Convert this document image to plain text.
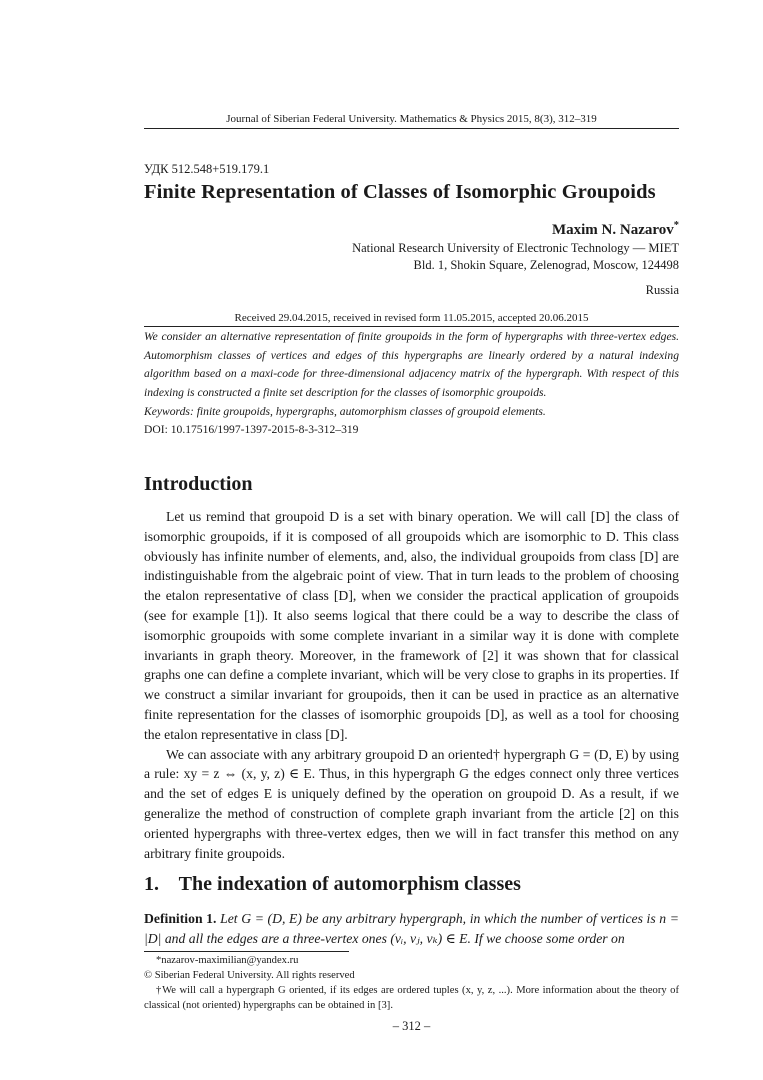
Journal of Siberian Federal University. Mathematics & Physics 2015, 8(3), 312–319
УДК 512.548+519.179.1
Finite Representation of Classes of Isomorphic Groupoids
Maxim N. Nazarov*
National Research University of Electronic Technology — MIET
Bld. 1, Shokin Square, Zelenograd, Moscow, 124498
Russia
Received 29.04.2015, received in revised form 11.05.2015, accepted 20.06.2015
We consider an alternative representation of finite groupoids in the form of hypergraphs with three-vertex edges. Automorphism classes of vertices and edges of this hypergraphs are linearly ordered by a natural indexing algorithm based on a maxi-code for three-dimensional adjacency matrix of the hypergraph. With respect of this indexing is constructed a finite set description for the classes of isomorphic groupoids.
Keywords: finite groupoids, hypergraphs, automorphism classes of groupoid elements.
DOI: 10.17516/1997-1397-2015-8-3-312–319
Introduction

Let us remind that groupoid D is a set with binary operation. We will call [D] the class of isomorphic groupoids, if it is composed of all groupoids which are isomorphic to D. This class obviously has infinite number of elements, and, also, the individual groupoids from class [D] are indistinguishable from the algebraic point of view. That in turn leads to the problem of choosing the etalon representative of class [D], when we consider the practical application of groupoids (see for example [1]). It also seems logical that there could be a way to describe the class of isomorphic groupoids with some complete invariant in a similar way it is done with complete invariants in graph theory. Moreover, in the framework of [2] it was shown that for classical graphs one can define a complete invariant, which will be very close to graphs in its properties. If we construct a similar invariant for groupoids, then it can be used in practice as an alternative finite representation for the classes of isomorphic groupoids [D], as well as a tool for choosing the etalon representative in class [D].

We can associate with any arbitrary groupoid D an oriented† hypergraph G = (D, E) by using a rule: xy = z ⇔ (x, y, z) ∈ E. Thus, in this hypergraph G the edges connect only three vertices and the set of edges E is uniquely defined by the operation on groupoid D. As a result, if we generalize the method of construction of complete graph invariant from the article [2] on this oriented hypergraphs with three-vertex edges, then we will in fact transfer this method on any arbitrary finite groupoids.

1.    The indexation of automorphism classes
Definition 1. Let G = (D, E) be any arbitrary hypergraph, in which the number of vertices is n = |D| and all the edges are a three-vertex ones (vᵢ, vⱼ, vₖ) ∈ E. If we choose some order on
*nazarov-maximilian@yandex.ru
© Siberian Federal University. All rights reserved
†We will call a hypergraph G oriented, if its edges are ordered tuples (x, y, z, ...). More information about the theory of classical (not oriented) hypergraphs can be obtained in [3].
– 312 –
